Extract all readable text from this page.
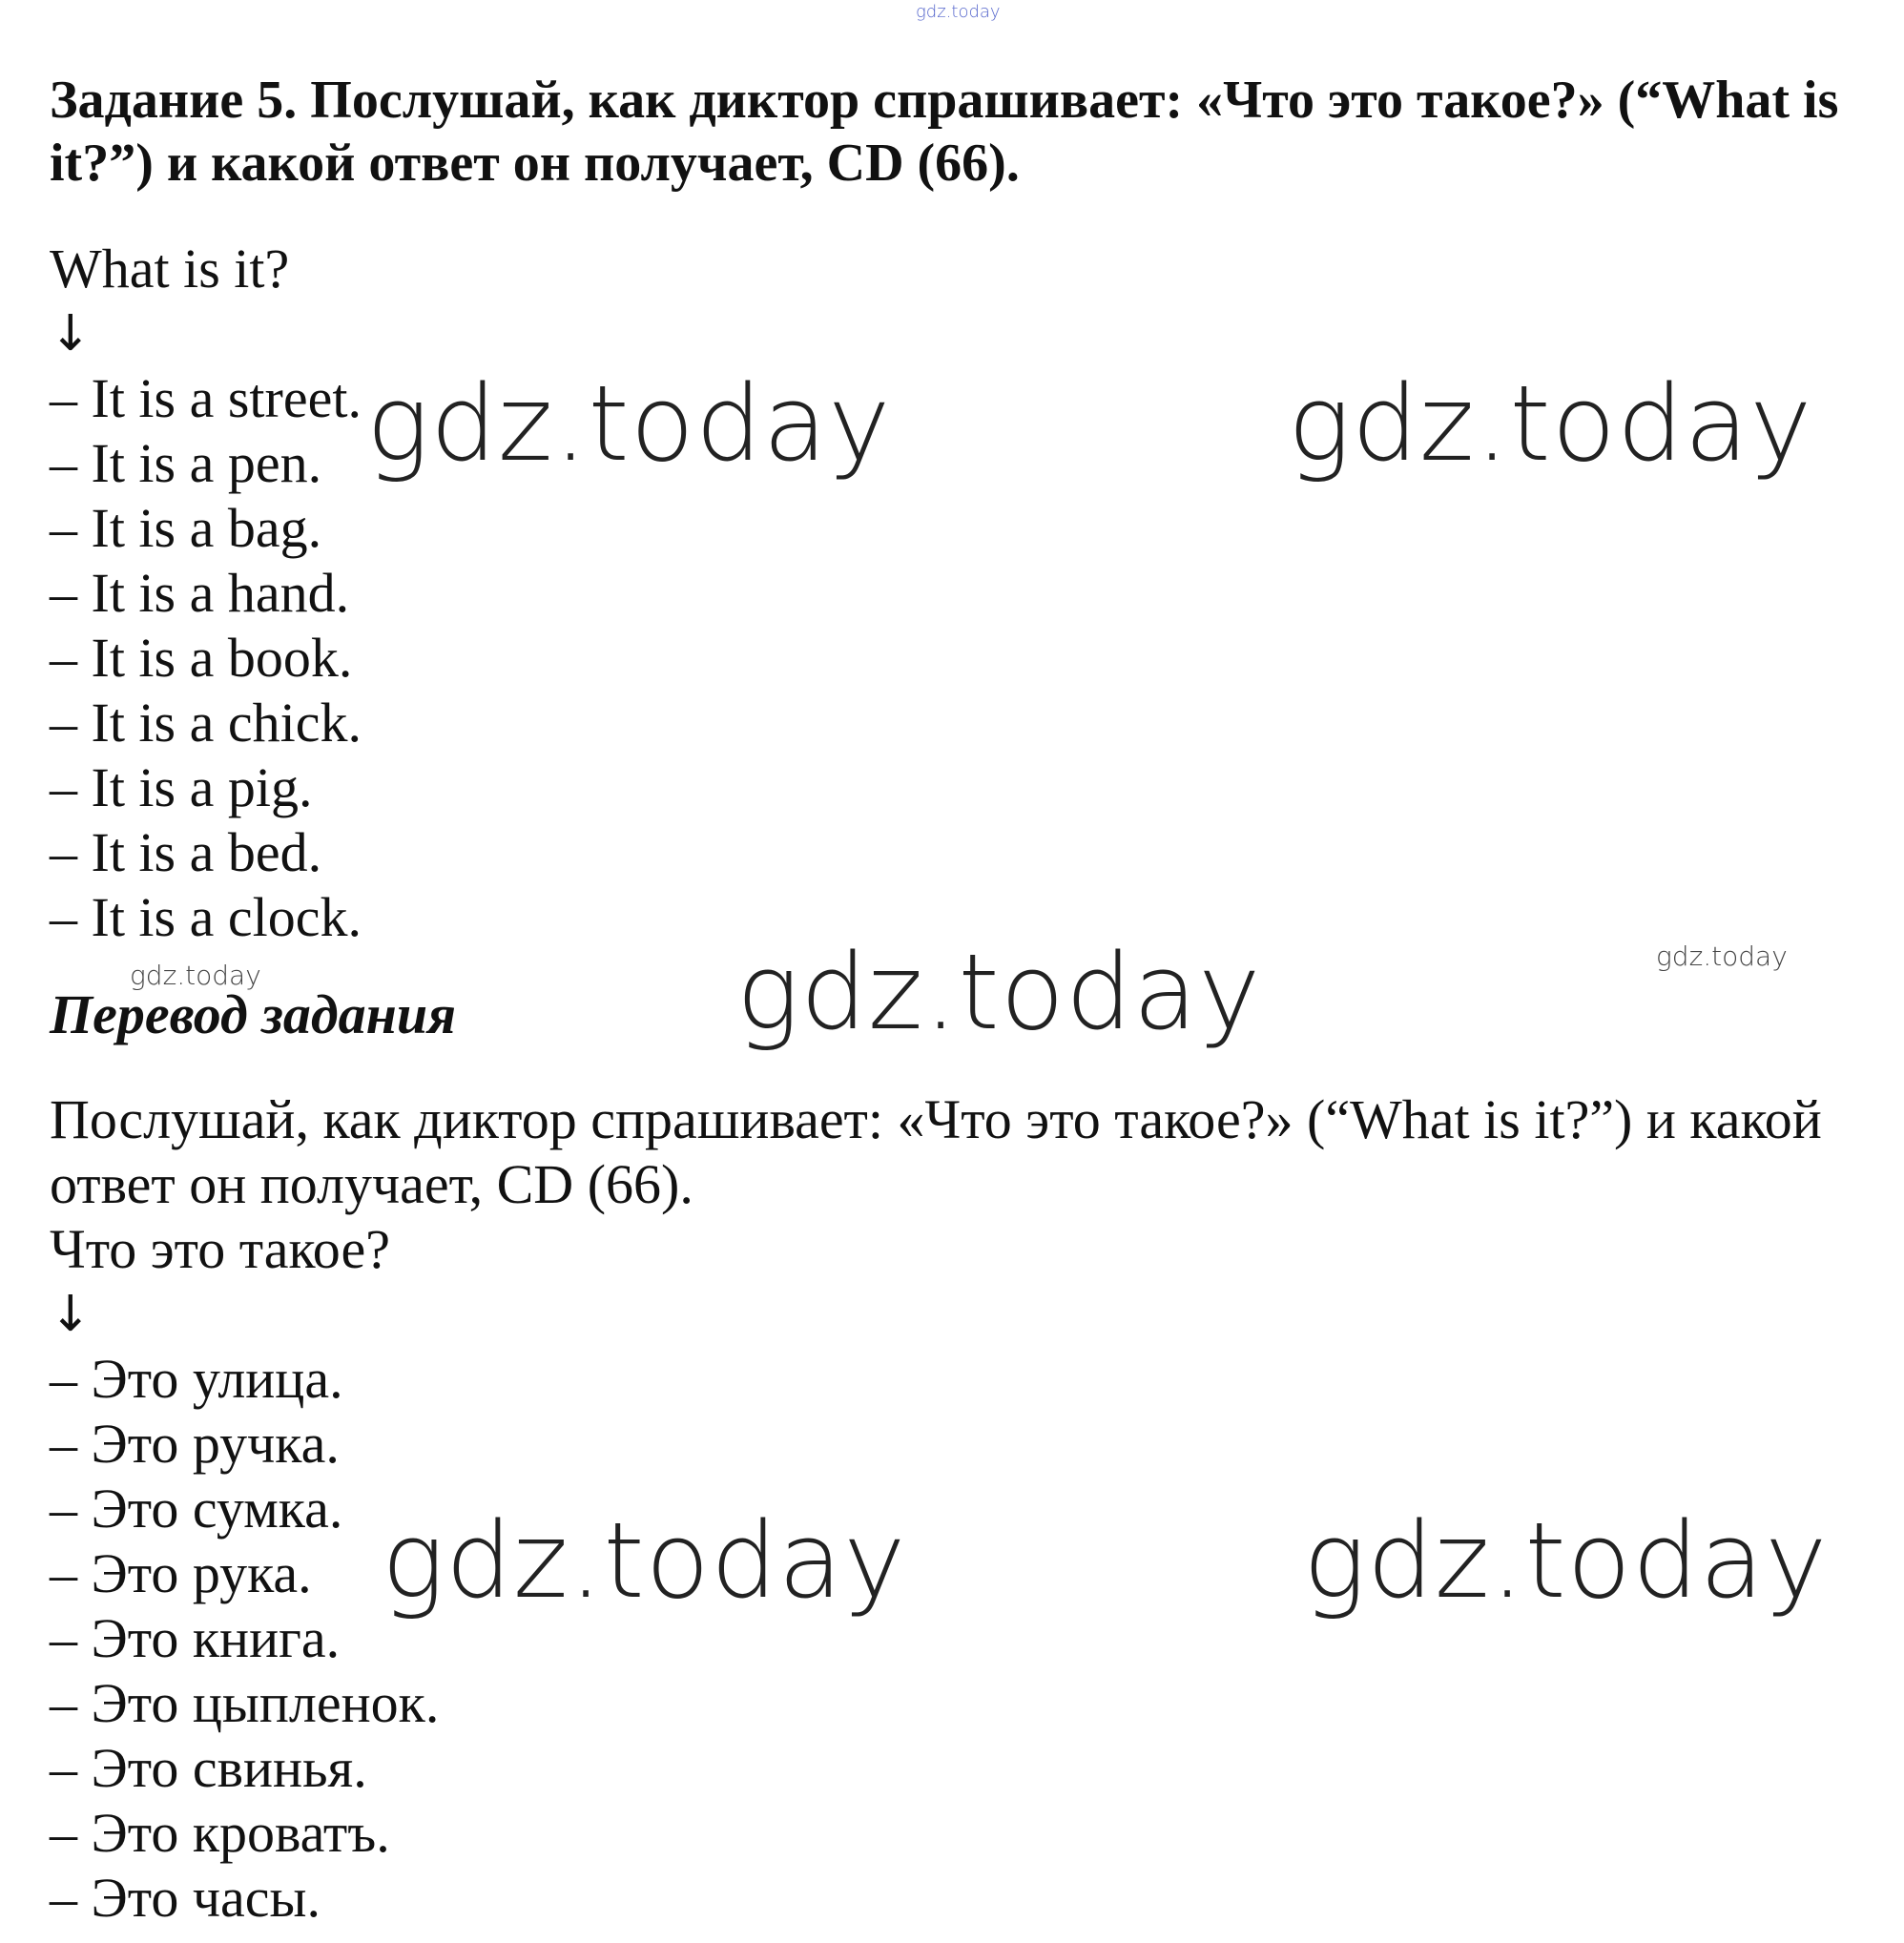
gdz.today
gdz.today	gdz.today
gdz.today	gdz.today	gdz.today
gdz.today	gdz.today
Задание 5. Послушай, как диктор спрашивает: «Что это такое?» (“What is it?”) и какой ответ он получает, CD (66).
What is it?
↓
– It is a street.
– It is a pen.
– It is a bag.
– It is a hand.
– It is a book.
– It is a chick.
– It is a pig.
– It is a bed.
– It is a clock.
Перевод задания

Послушай, как диктор спрашивает: «Что это такое?» (“What is it?”) и какой ответ он получает, CD (66).

Что это такое?
↓
– Это улица.
– Это ручка.
– Это сумка.
– Это рука.
– Это книга.
– Это цыпленок.
– Это свинья.
– Это кроватъ.
– Это часы.
